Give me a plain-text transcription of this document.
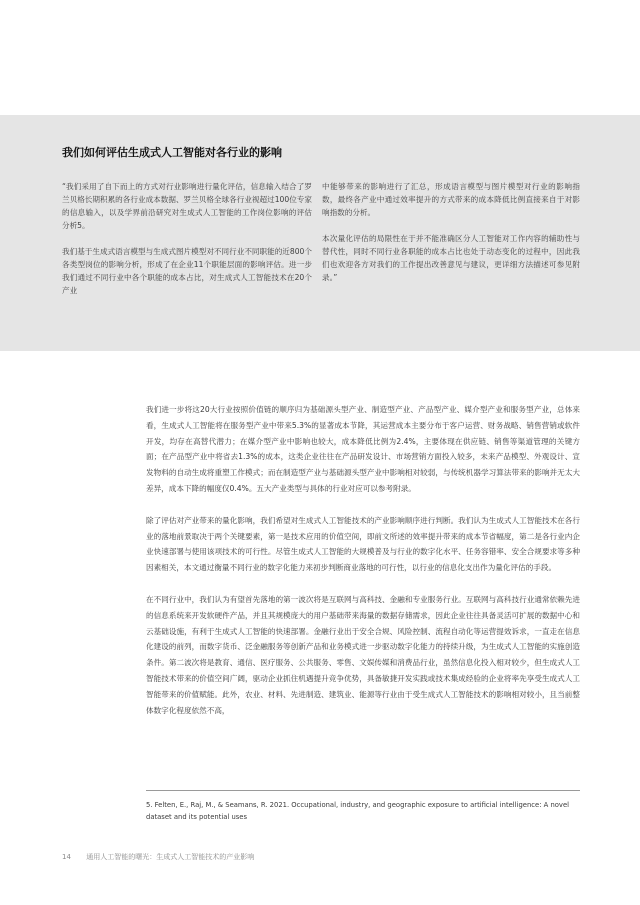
我们如何评估生成式人工智能对各行业的影响

“我们采用了自下而上的方式对行业影响进行量化评估，信息输入结合了罗兰贝格长期积累的各行业成本数据、罗兰贝格全球各行业视超过100位专家的信息输入，以及学界前沿研究对生成式人工智能的工作岗位影响的评估分析5。

我们基于生成式语言模型与生成式图片模型对不同行业不同职能的近800个各类型岗位的影响分析，形成了在企业11个职能层面的影响评估。进一步我们通过不同行业中各个职能的成本占比，对生成式人工智能技术在20个产业

中能够带来的影响进行了汇总，形成语言模型与图片模型对行业的影响指数，最终各产业中通过效率提升的方式带来的成本降低比例直接来自于对影响指数的分析。

本次量化评估的局限性在于并不能准确区分人工智能对工作内容的辅助性与替代性，同时不同行业各职能的成本占比也处于动态变化的过程中，因此我们也欢迎各方对我们的工作提出改善意见与建议，更详细方法描述可参见附录。”

我们进一步将这20大行业按照价值链的顺序归为基础源头型产业、制造型产业、产品型产业、媒介型产业和服务型产业，总体来看，生成式人工智能将在服务型产业中带来5.3%的显著成本节降，其运营成本主要分布于客户运营、财务战略、销售营销或软件开发，均存在高替代潜力；在媒介型产业中影响也较大，成本降低比例为2.4%，主要体现在供应链、销售等渠道管理的关键方面；在产品型产业中将省去1.3%的成本，这类企业往往在产品研发设计、市场营销方面投入较多，未来产品模型、外观设计、宣发物料的自动生成将重塑工作模式；而在制造型产业与基础源头型产业中影响相对较弱，与传统机器学习算法带来的影响并无太大差异，成本下降的幅度仅0.4%。五大产业类型与具体的行业对应可以参考附录。

除了评估对产业带来的量化影响，我们希望对生成式人工智能技术的产业影响顺序进行判断。我们认为生成式人工智能技术在各行业的落地前景取决于两个关键要素，第一是技术应用的价值空间，即前文所述的效率提升带来的成本节省幅度，第二是各行业内企业快速部署与使用该项技术的可行性。尽管生成式人工智能的大规模普及与行业的数字化水平、任务容错率、安全合规要求等多种因素相关，本文通过衡量不同行业的数字化能力来初步判断商业落地的可行性，以行业的信息化支出作为量化评估的手段。

在不同行业中，我们认为有望首先落地的第一波次将是互联网与高科技、金融和专业服务行业。互联网与高科技行业通常依赖先进的信息系统来开发软硬件产品，并且其规模庞大的用户基础带来海量的数据存储需求，因此企业往往具备灵活可扩展的数据中心和云基础设施，有利于生成式人工智能的快速部署。金融行业出于安全合规、风险控制、流程自动化等运营提效诉求，一直走在信息化建设的前列，而数字货币、泛金融服务等创新产品和业务模式进一步驱动数字化能力的持续升级，为生成式人工智能的实施创造条件。第二波次将是教育、通信、医疗服务、公共服务、零售、文娱传媒和消费品行业，虽然信息化投入相对较少，但生成式人工智能技术带来的价值空间广阔，驱动企业抓住机遇提升竞争优势，具备敏捷开发实践或技术集成经验的企业将率先享受生成式人工智能带来的价值赋能。此外，农业、材料、先进制造、建筑业、能源等行业由于受生成式人工智能技术的影响相对较小，且当前整体数字化程度依然不高，

5. Felten, E., Raj, M., & Seamans, R. 2021. Occupational, industry, and geographic exposure to artificial intelligence: A novel dataset and its potential uses
14 通用人工智能的曙光：生成式人工智能技术的产业影响
